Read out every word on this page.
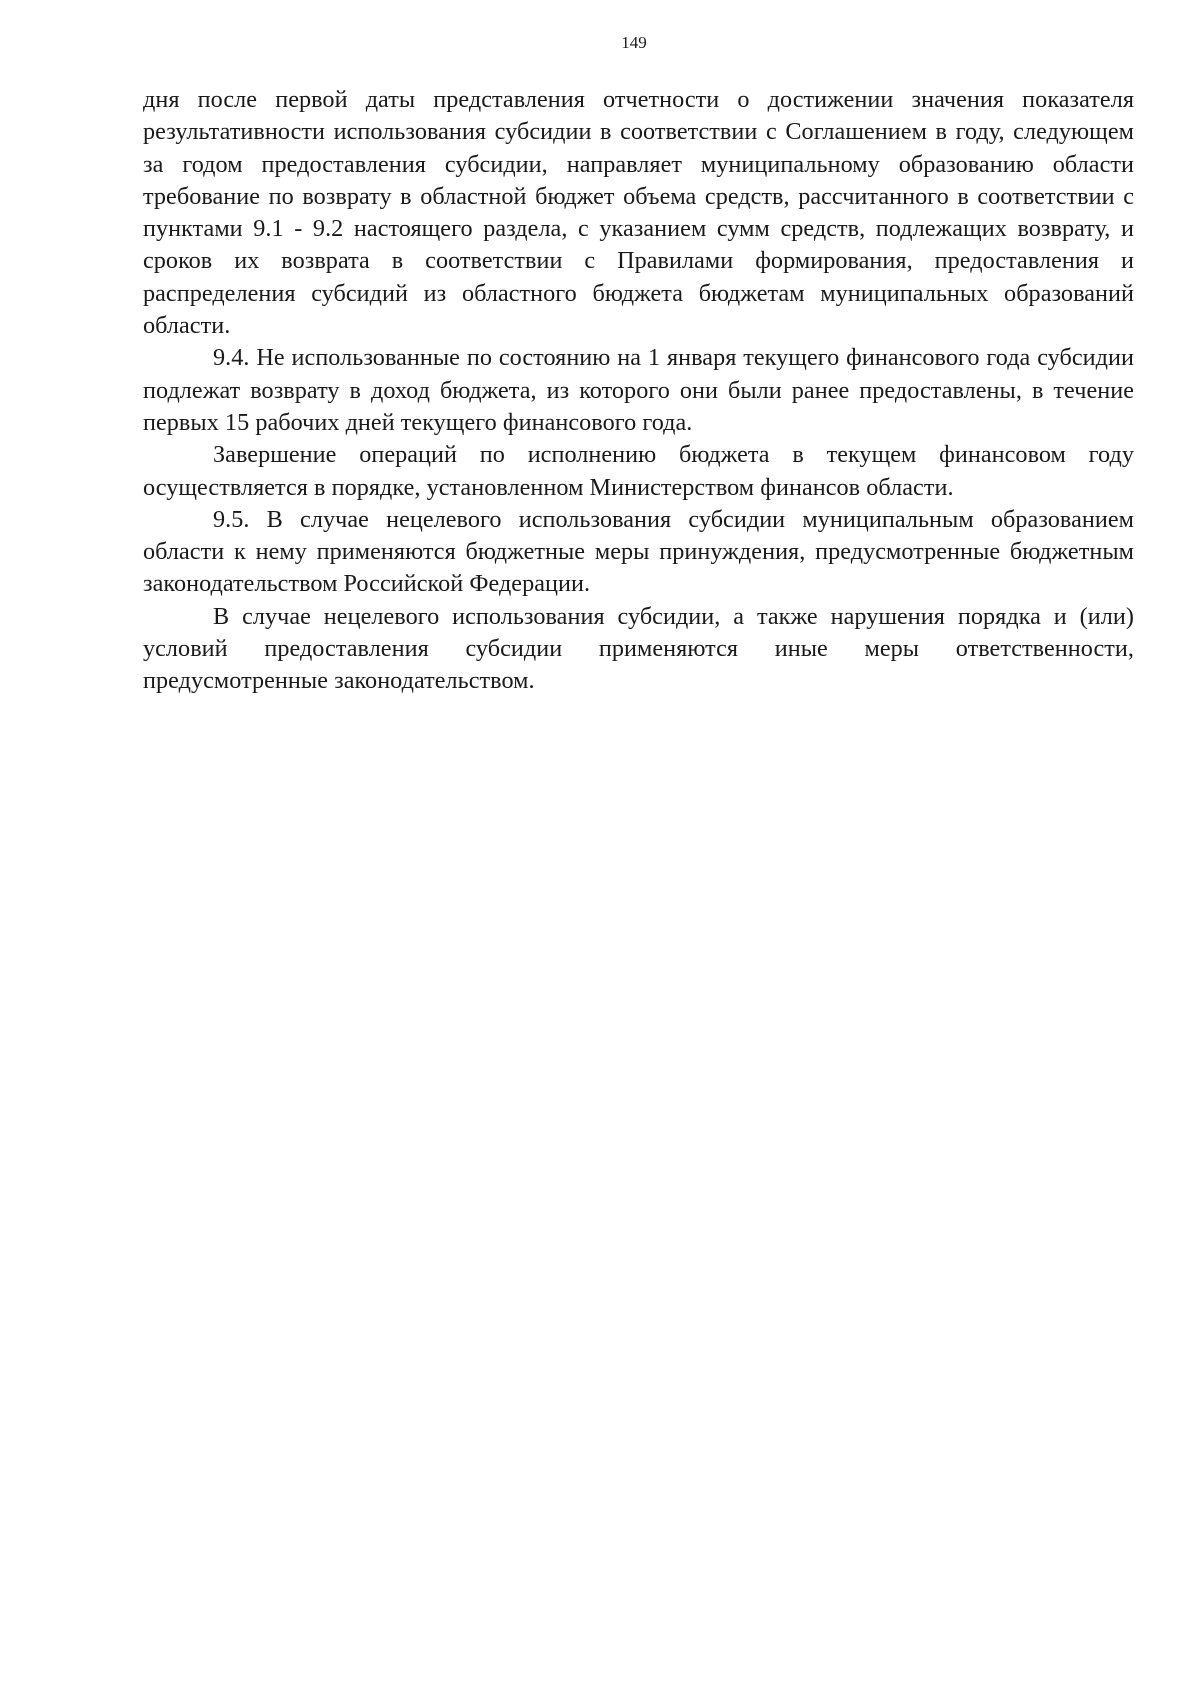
149

дня после первой даты представления отчетности о достижении значения показателя результативности использования субсидии в соответствии с Соглашением в году, следующем за годом предоставления субсидии, направляет муниципальному образованию области требование по возврату в областной бюджет объема средств, рассчитанного в соответствии с пунктами 9.1 - 9.2 настоящего раздела, с указанием сумм средств, подлежащих возврату, и сроков их возврата в соответствии с Правилами формирования, предоставления и распределения субсидий из областного бюджета бюджетам муниципальных образований области.

9.4. Не использованные по состоянию на 1 января текущего финансового года субсидии подлежат возврату в доход бюджета, из которого они были ранее предоставлены, в течение первых 15 рабочих дней текущего финансового года.

Завершение операций по исполнению бюджета в текущем финансовом году осуществляется в порядке, установленном Министерством финансов области.

9.5. В случае нецелевого использования субсидии муниципальным образованием области к нему применяются бюджетные меры принуждения, предусмотренные бюджетным законодательством Российской Федерации.

В случае нецелевого использования субсидии, а также нарушения порядка и (или) условий предоставления субсидии применяются иные меры ответственности, предусмотренные законодательством.
